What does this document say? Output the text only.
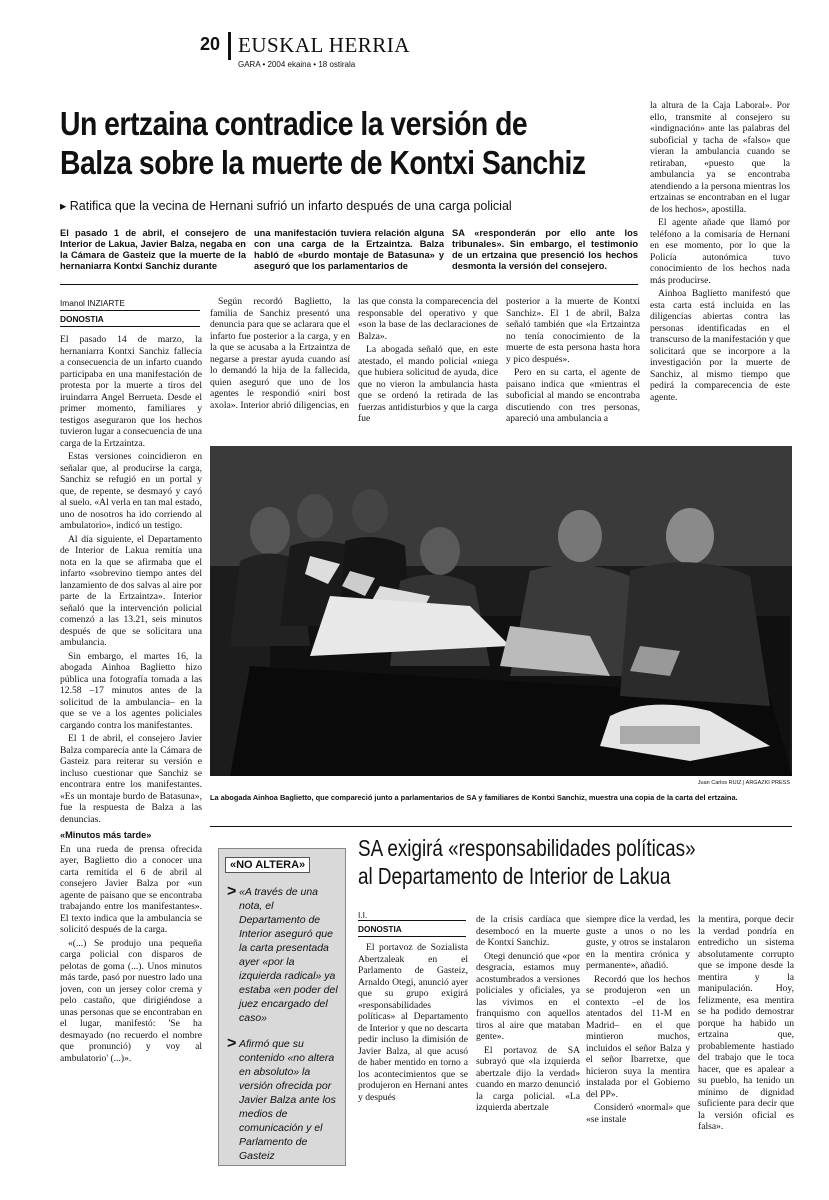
20 EUSKAL HERRIA
GARA • 2004 ekaina • 18 ostirala
Un ertzaina contradice la versión de
Balza sobre la muerte de Kontxi Sanchiz
▸ Ratifica que la vecina de Hernani sufrió un infarto después de una carga policial
El pasado 1 de abril, el consejero de Interior de Lakua, Javier Balza, negaba en la Cámara de Gasteiz que la muerte de la hernaniarra Kontxi Sanchiz durante
una manifestación tuviera relación alguna con una carga de la Ertzaintza. Balza habló de «burdo montaje de Batasuna» y aseguró que los parlamentarios de
SA «responderán por ello ante los tribunales». Sin embargo, el testimonio de un ertzaina que presenció los hechos desmonta la versión del consejero.
Imanol INZIARTE
DONOSTIA

El pasado 14 de marzo, la hernaniarra Kontxi Sanchiz fallecía a consecuencia de un infarto cuando participaba en una manifestación de protesta por la muerte a tiros del iruindarra Angel Berrueta. Desde el primer momento, familiares y testigos aseguraron que los hechos tuvieron lugar a consecuencia de una carga de la Ertzaintza.

Estas versiones coincidieron en señalar que, al producirse la carga, Sanchiz se refugió en un portal y que, de repente, se desmayó y cayó al suelo. «Al verla en tan mal estado, uno de nosotros ha ido corriendo al ambulatorio», indicó un testigo.

Al día siguiente, el Departamento de Interior de Lakua remitía una nota en la que se afirmaba que el infarto «sobrevino tiempo antes del lanzamiento de dos salvas al aire por parte de la Ertzaintza». Interior señaló que la intervención policial comenzó a las 13.21, seis minutos después de que se solicitara una ambulancia.

Sin embargo, el martes 16, la abogada Ainhoa Baglietto hizo pública una fotografía tomada a las 12.58 –17 minutos antes de la solicitud de la ambulancia– en la que se ve a los agentes policiales cargando contra los manifestantes.

El 1 de abril, el consejero Javier Balza comparecía ante la Cámara de Gasteiz para reiterar su versión e incluso cuestionar que Sanchiz se encontrara entre los manifestantes. «Es un montaje burdo de Batasuna», fue la respuesta de Balza a las denuncias.

«Minutos más tarde»

En una rueda de prensa ofrecida ayer, Baglietto dio a conocer una carta remitida el 6 de abril al consejero Javier Balza por «un agente de paisano que se encontraba trabajando entre los manifestantes». El texto indica que la ambulancia se solicitó después de la carga.

«(...) Se produjo una pequeña carga policial con disparos de pelotas de goma (...). Unos minutos más tarde, pasó por nuestro lado una joven, con un jersey color crema y pelo castaño, que dirigiéndose a unas personas que se encontraban en el lugar, manifestó: 'Se ha desmayado (no recuerdo el nombre que pronunció) y voy al ambulatorio' (...)».

Según recordó Baglietto, la familia de Sanchiz presentó una denuncia para que se aclarara que el infarto fue posterior a la carga, y en la que se acusaba a la Ertzaintza de negarse a prestar ayuda cuando así lo demandó la hija de la fallecida, quien aseguró que uno de los agentes le respondió «niri bost axola». Interior abrió diligencias, en

las que consta la comparecencia del responsable del operativo y que «son la base de las declaraciones de Balza».

La abogada señaló que, en este atestado, el mando policial «niega que hubiera solicitud de ayuda, dice que no vieron la ambulancia hasta que se ordenó la retirada de las fuerzas antidisturbios y que la carga fue

posterior a la muerte de Kontxi Sanchiz». El 1 de abril, Balza señaló también que «la Ertzaintza no tenía conocimiento de la muerte de esta persona hasta hora y pico después».

Pero en su carta, el agente de paisano indica que «mientras el suboficial al mando se encontraba discutiendo con tres personas, apareció una ambulancia a

la altura de la Caja Laboral». Por ello, transmite al consejero su «indignación» ante las palabras del suboficial y tacha de «falso» que vieran la ambulancia cuando se retiraban, «puesto que la ambulancia ya se encontraba atendiendo a la persona mientras los ertzainas se encontraban en el lugar de los hechos», apostilla.

El agente añade que llamó por teléfono a la comisaría de Hernani en ese momento, por lo que la Policía autonómica tuvo conocimiento de los hechos nada más producirse.

Ainhoa Baglietto manifestó que esta carta está incluida en las diligencias abiertas contra las personas identificadas en el transcurso de la manifestación y que solicitará que se incorpore a la investigación por la muerte de Sanchiz, al mismo tiempo que pedirá la comparecencia de este agente.

Juan Carlos RUIZ | ARGAZKI PRESS
La abogada Ainhoa Baglietto, que compareció junto a parlamentarios de SA y familiares de Kontxi Sanchiz, muestra una copia de la carta del ertzaina.
«NO ALTERA»
> «A través de una nota, el Departamento de Interior aseguró que la carta presentada ayer «por la izquierda radical» ya estaba «en poder del juez encargado del caso»
> Afirmó que su contenido «no altera en absoluto» la versión ofrecida por Javier Balza ante los medios de comunicación y el Parlamento de Gasteiz
SA exigirá «responsabilidades políticas»
al Departamento de Interior de Lakua
I.I.
DONOSTIA

El portavoz de Sozialista Abertzaleak en el Parlamento de Gasteiz, Arnaldo Otegi, anunció ayer que su grupo exigirá «responsabilidades políticas» al Departamento de Interior y que no descarta pedir incluso la dimisión de Javier Balza, al que acusó de haber mentido en torno a los acontecimientos que se produjeron en Hernani antes y después

de la crisis cardíaca que desembocó en la muerte de Kontxi Sanchiz.

Otegi denunció que «por desgracia, estamos muy acostumbrados a versiones policiales y oficiales, ya las vivimos en el franquismo con aquellos tiros al aire que mataban gente».

El portavoz de SA subrayó que «la izquierda abertzale dijo la verdad» cuando en marzo denunció la carga policial. «La izquierda abertzale

siempre dice la verdad, les guste a unos o no les guste, y otros se instalaron en la mentira crónica y permanente», añadió.

Recordó que los hechos se produjeron «en un contexto –el de los atentados del 11-M en Madrid– en el que mintieron muchos, incluidos el señor Balza y el señor Ibarretxe, que hicieron suya la mentira instalada por el Gobierno del PP».

Consideró «normal» que «se instale

la mentira, porque decir la verdad pondría en entredicho un sistema absolutamente corrupto que se impone desde la mentira y la manipulación. Hoy, felizmente, esa mentira se ha podido demostrar porque ha habido un ertzaina que, probablemente hastiado del trabajo que le toca hacer, que es apalear a su pueblo, ha tenido un mínimo de dignidad suficiente para decir que la versión oficial es falsa».
